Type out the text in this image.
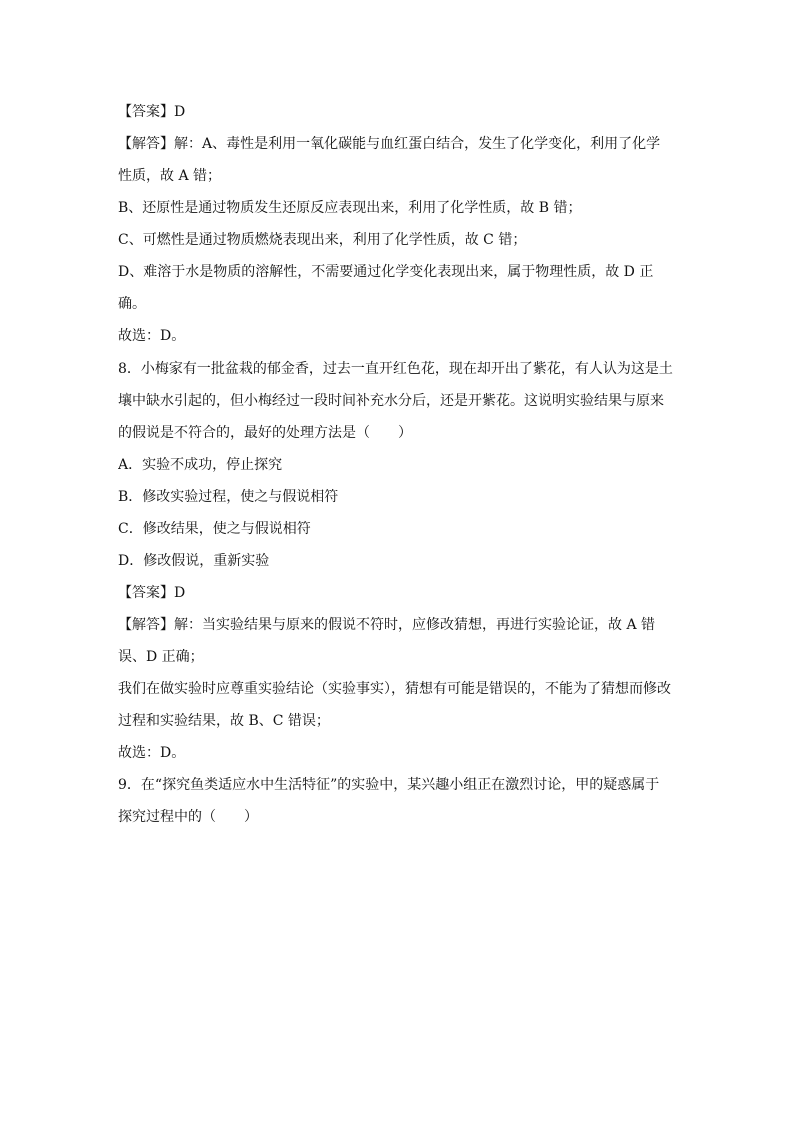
【答案】D
【解答】解：A、毒性是利用一氧化碳能与血红蛋白结合，发生了化学变化，利用了化学
性质，故 A 错；
B、还原性是通过物质发生还原反应表现出来，利用了化学性质，故 B 错；
C、可燃性是通过物质燃烧表现出来，利用了化学性质，故 C 错；
D、难溶于水是物质的溶解性，不需要通过化学变化表现出来，属于物理性质，故 D 正
确。
故选：D。
8．小梅家有一批盆栽的郁金香，过去一直开红色花，现在却开出了紫花，有人认为这是土
壤中缺水引起的，但小梅经过一段时间补充水分后，还是开紫花。这说明实验结果与原来
的假说是不符合的，最好的处理方法是（　　）
A．实验不成功，停止探究
B．修改实验过程，使之与假说相符
C．修改结果，使之与假说相符
D．修改假说，重新实验
【答案】D
【解答】解：当实验结果与原来的假说不符时，应修改猜想，再进行实验论证，故 A 错
误、D 正确；
我们在做实验时应尊重实验结论（实验事实），猜想有可能是错误的，不能为了猜想而修改
过程和实验结果，故 B、C 错误；
故选：D。
9．在“探究鱼类适应水中生活特征”的实验中，某兴趣小组正在激烈讨论，甲的疑惑属于
探究过程中的（　　）
